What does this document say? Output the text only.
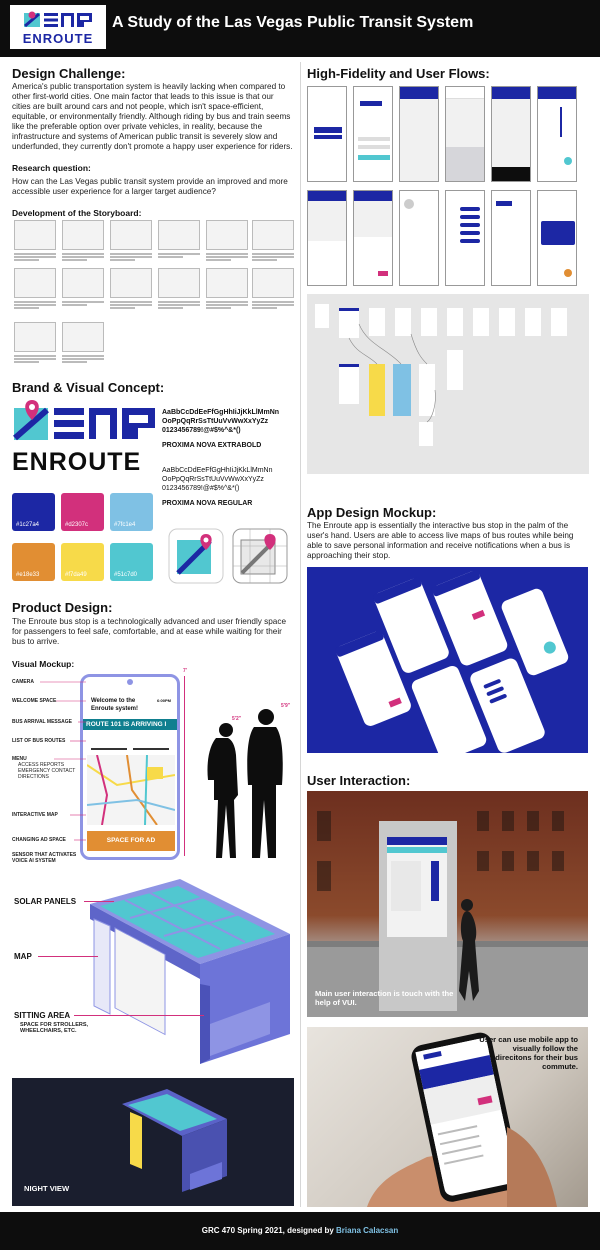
ENROUTE
A Study of the Las Vegas Public Transit System
Design Challenge:
America's public transportation system is heavily lacking when compared to other first-world cities. One main factor that leads to this issue is that our cities are built around cars and not people, which isn't space-efficient, equitable, or environmentally friendly. Although riding by bus and train seems like the preferable option over private vehicles, in reality, because the infrastructure and systems of American public transit is severely slow and underfunded, they currently don't promote a happy user experience for riders.
Research question:
How can the Las Vegas public transit system provide an improved and more accessible user experience for a larger target audience?
Development of the Storyboard:
Brand & Visual Concept:
ENROUTE
AaBbCcDdEeFfGgHhIiJjKkLlMmNn OoPpQqRrSsTtUuVvWwXxYyZz 0123456789!@#$%^&*()
PROXIMA NOVA EXTRABOLD
AaBbCcDdEeFfGgHhIiJjKkLlMmNn OoPpQqRrSsTtUuVvWwXxYyZz 0123456789!@#$%^&*()
PROXIMA NOVA REGULAR
#1c27a4	#d2307c	#7fc1e4
#e18e33	#f7da49	#51c7d0
Product Design:
The Enroute bus stop is a technologically advanced and user friendly space for passengers to feel safe, comfortable, and at ease while waiting for their bus to arrive.
Visual Mockup:
Welcome to the Enroute system!
6:00PM
ROUTE 101 IS ARRIVING I

SPACE FOR AD
CAMERA
WELCOME SPACE
BUS ARRIVAL MESSAGE
LIST OF BUS ROUTES
MENU
ACCESS REPORTS EMERGENCY CONTACT DIRECTIONS
INTERACTIVE MAP
CHANGING AD SPACE
SENSOR THAT ACTIVATES VOICE AI SYSTEM
7'
5'2"
5'9"
SOLAR PANELS
MAP
SITTING AREA
SPACE FOR STROLLERS, WHEELCHAIRS, ETC.
NIGHT VIEW
High-Fidelity and User Flows:
App Design Mockup:
The Enroute app is essentially the interactive bus stop in the palm of the user's hand. Users are able to access live maps of bus routes while being able to save personal information and receive notifications when a bus is approaching their stop.
User Interaction:
Main user interaction is touch with the help of VUI.
User can use mobile app to visually follow the direcitons for their bus commute.
GRC 470 Spring 2021, designed by Briana Calacsan
